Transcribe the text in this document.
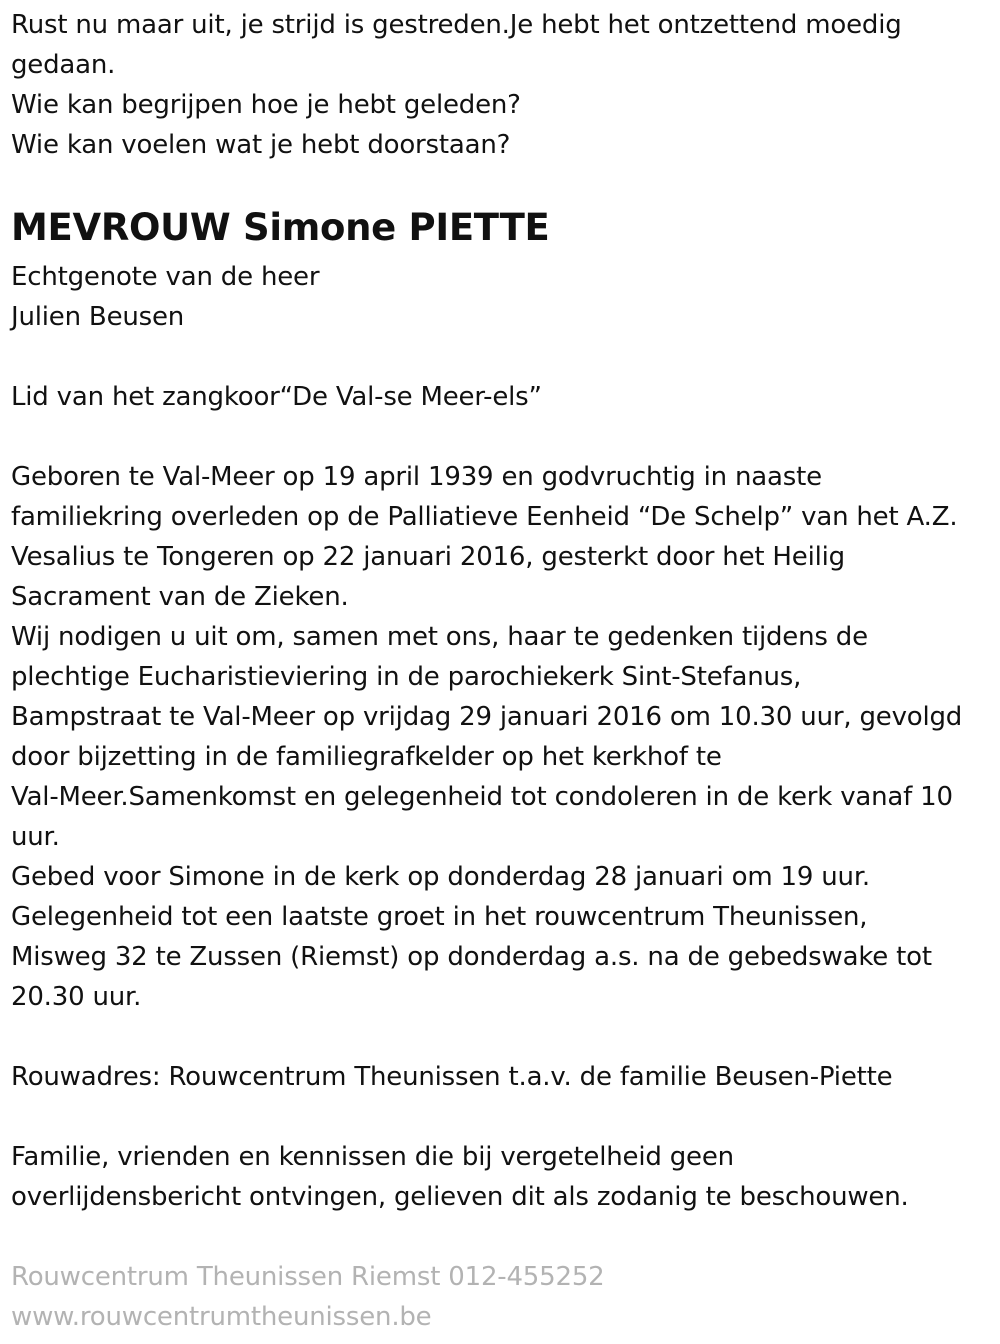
Rust nu maar uit, je strijd is gestreden.Je hebt het ontzettend moedig
gedaan.
Wie kan begrijpen hoe je hebt geleden?
Wie kan voelen wat je hebt doorstaan?
MEVROUW Simone PIETTE
Echtgenote van de heer
Julien Beusen
Lid van het zangkoor“De Val-se Meer-els”
Geboren te Val-Meer op 19 april 1939 en godvruchtig in naaste
familiekring overleden op de Palliatieve Eenheid “De Schelp” van het A.Z.
Vesalius te Tongeren op 22 januari 2016, gesterkt door het Heilig
Sacrament van de Zieken.
Wij nodigen u uit om, samen met ons, haar te gedenken tijdens de
plechtige Eucharistieviering in de parochiekerk Sint-Stefanus,
Bampstraat te Val-Meer op vrijdag 29 januari 2016 om 10.30 uur, gevolgd
door bijzetting in de familiegrafkelder op het kerkhof te
Val-Meer.Samenkomst en gelegenheid tot condoleren in de kerk vanaf 10
uur.
Gebed voor Simone in de kerk op donderdag 28 januari om 19 uur.
Gelegenheid tot een laatste groet in het rouwcentrum Theunissen,
Misweg 32 te Zussen (Riemst) op donderdag a.s. na de gebedswake tot
20.30 uur.
Rouwadres: Rouwcentrum Theunissen t.a.v. de familie Beusen-Piette
Familie, vrienden en kennissen die bij vergetelheid geen
overlijdensbericht ontvingen, gelieven dit als zodanig te beschouwen.
Rouwcentrum Theunissen Riemst 012-455252
www.rouwcentrumtheunissen.be
